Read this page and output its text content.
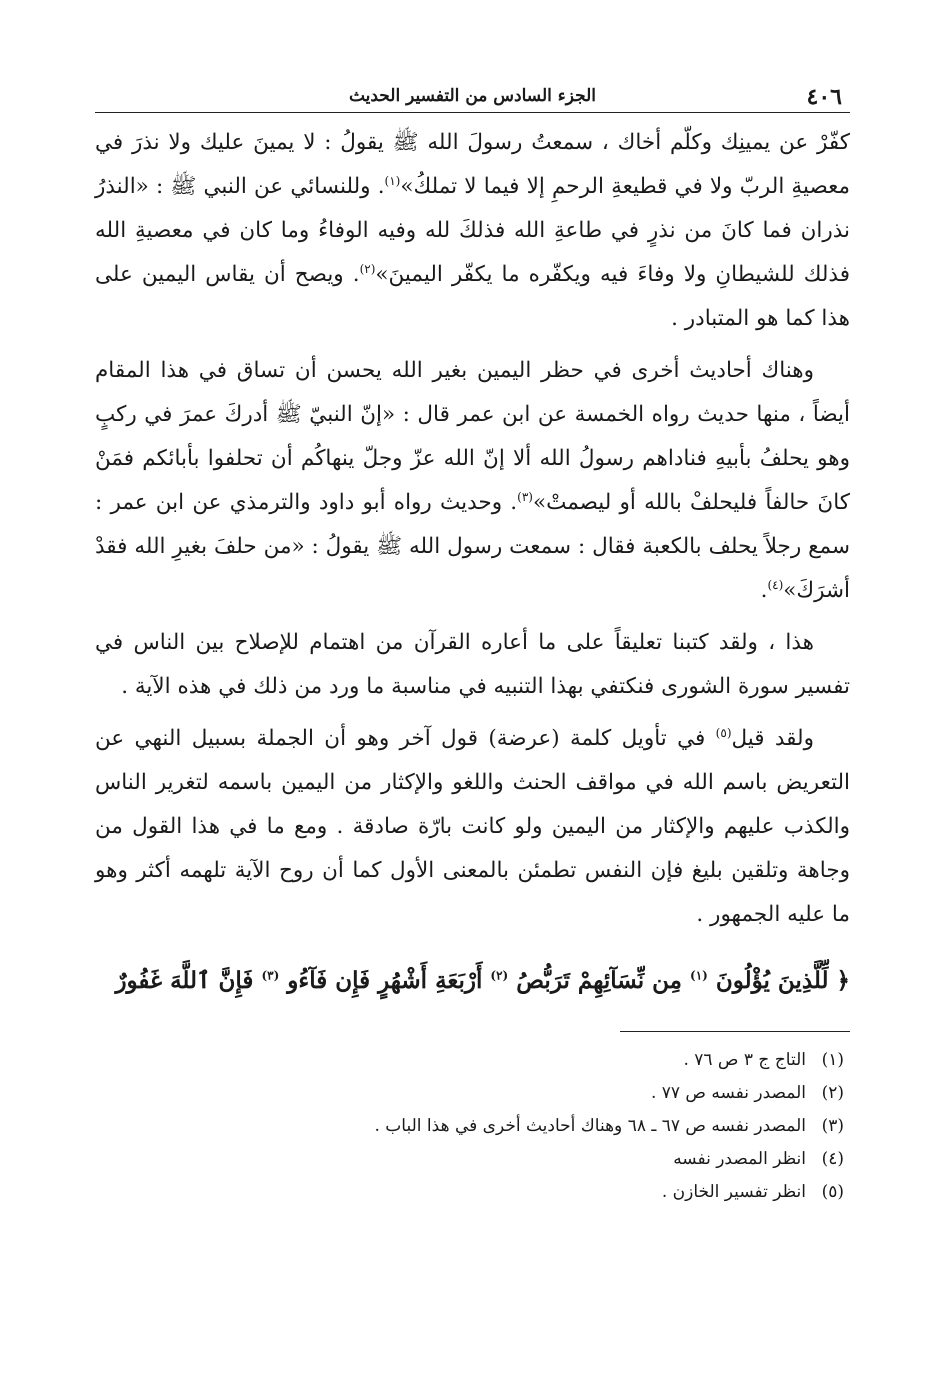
٤٠٦
الجزء السادس من التفسير الحديث

كفّرْ عن يمينِك وكلّم أخاك ، سمعتُ رسولَ الله ﷺ يقولُ : لا يمينَ عليك ولا نذرَ في معصيةِ الربّ ولا في قطيعةِ الرحمِ إلا فيما لا تملكُ»$^{(١)}$. وللنسائي عن النبي ﷺ : «النذرُ نذران فما كانَ من نذرٍ في طاعةِ الله فذلكَ لله وفيه الوفاءُ وما كان في معصيةِ الله فذلك للشيطانِ ولا وفاءَ فيه ويكفّره ما يكفّر اليمينَ»$^{(٢)}$. ويصح أن يقاس اليمين على هذا كما هو المتبادر .

وهناك أحاديث أخرى في حظر اليمين بغير الله يحسن أن تساق في هذا المقام أيضاً ، منها حديث رواه الخمسة عن ابن عمر قال : «إنّ النبيّ ﷺ أدركَ عمرَ في ركبٍ وهو يحلفُ بأبيهِ فناداهم رسولُ الله ألا إنّ الله عزّ وجلّ ينهاكُم أن تحلفوا بأبائكم فمَنْ كانَ حالفاً فليحلفْ بالله أو ليصمتْ»$^{(٣)}$. وحديث رواه أبو داود والترمذي عن ابن عمر : سمع رجلاً يحلف بالكعبة فقال : سمعت رسول الله ﷺ يقولُ : «من حلفَ بغيرِ الله فقدْ أشرَكَ»$^{(٤)}$.

هذا ، ولقد كتبنا تعليقاً على ما أعاره القرآن من اهتمام للإصلاح بين الناس في تفسير سورة الشورى فنكتفي بهذا التنبيه في مناسبة ما ورد من ذلك في هذه الآية .

ولقد قيل$^{(٥)}$ في تأويل كلمة (عرضة) قول آخر وهو أن الجملة بسبيل النهي عن التعريض باسم الله في مواقف الحنث واللغو والإكثار من اليمين باسمه لتغرير الناس والكذب عليهم والإكثار من اليمين ولو كانت بارّة صادقة . ومع ما في هذا القول من وجاهة وتلقين بليغ فإن النفس تطمئن بالمعنى الأول كما أن روح الآية تلهمه أكثر وهو ما عليه الجمهور .

﴿ لِّلَّذِينَ يُؤْلُونَ $^{(١)}$ مِن نِّسَآئِهِمْ تَرَبُّصُ $^{(٢)}$ أَرْبَعَةِ أَشْهُرٍ فَإِن فَآءُو $^{(٣)}$ فَإِنَّ ٱللَّهَ غَفُورٌ
(١)التاج ج ٣ ص ٧٦ .
(٢)المصدر نفسه ص ٧٧ .
(٣)المصدر نفسه ص ٦٧ ـ ٦٨ وهناك أحاديث أخرى في هذا الباب .
(٤)انظر المصدر نفسه
(٥)انظر تفسير الخازن .
